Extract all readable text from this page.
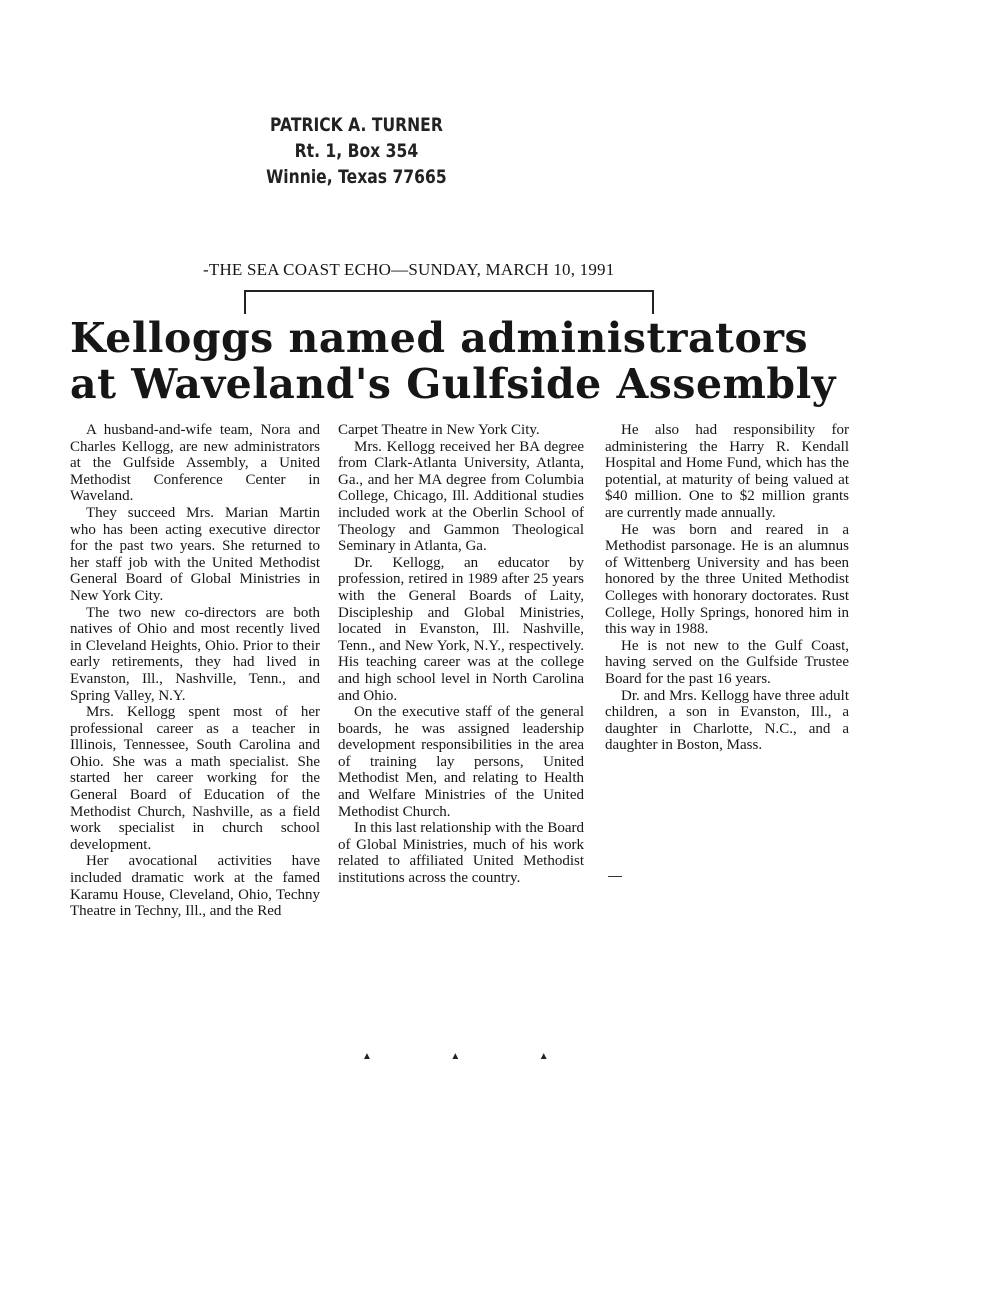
PATRICK A. TURNER
Rt. 1, Box 354
Winnie, Texas 77665
-THE SEA COAST ECHO—SUNDAY, MARCH 10, 1991
Kelloggs named administrators
at Waveland's Gulfside Assembly

A husband-and-wife team, Nora and Charles Kellogg, are new administrators at the Gulfside Assembly, a United Methodist Conference Center in Waveland.

They succeed Mrs. Marian Martin who has been acting executive director for the past two years. She returned to her staff job with the United Methodist General Board of Global Ministries in New York City.

The two new co-directors are both natives of Ohio and most recently lived in Cleveland Heights, Ohio. Prior to their early retirements, they had lived in Evanston, Ill., Nashville, Tenn., and Spring Valley, N.Y.

Mrs. Kellogg spent most of her professional career as a teacher in Illinois, Tennessee, South Carolina and Ohio. She was a math specialist. She started her career working for the General Board of Education of the Methodist Church, Nashville, as a field work specialist in church school development.

Her avocational activities have included dramatic work at the famed Karamu House, Cleveland, Ohio, Techny Theatre in Techny, Ill., and the Red

Carpet Theatre in New York City.

Mrs. Kellogg received her BA degree from Clark-Atlanta University, Atlanta, Ga., and her MA degree from Columbia College, Chicago, Ill. Additional studies included work at the Oberlin School of Theology and Gammon Theological Seminary in Atlanta, Ga.

Dr. Kellogg, an educator by profession, retired in 1989 after 25 years with the General Boards of Laity, Discipleship and Global Ministries, located in Evanston, Ill. Nashville, Tenn., and New York, N.Y., respectively. His teaching career was at the college and high school level in North Carolina and Ohio.

On the executive staff of the general boards, he was assigned leadership development responsibilities in the area of training lay persons, United Methodist Men, and relating to Health and Welfare Ministries of the United Methodist Church.

In this last relationship with the Board of Global Ministries, much of his work related to affiliated United Methodist institutions across the country.

He also had responsibility for administering the Harry R. Kendall Hospital and Home Fund, which has the potential, at maturity of being valued at $40 million. One to $2 million grants are currently made annually.

He was born and reared in a Methodist parsonage. He is an alumnus of Wittenberg University and has been honored by the three United Methodist Colleges with honorary doctorates. Rust College, Holly Springs, honored him in this way in 1988.

He is not new to the Gulf Coast, having served on the Gulfside Trustee Board for the past 16 years.

Dr. and Mrs. Kellogg have three adult children, a son in Evanston, Ill., a daughter in Charlotte, N.C., and a daughter in Boston, Mass.

▲ ▲ ▲
